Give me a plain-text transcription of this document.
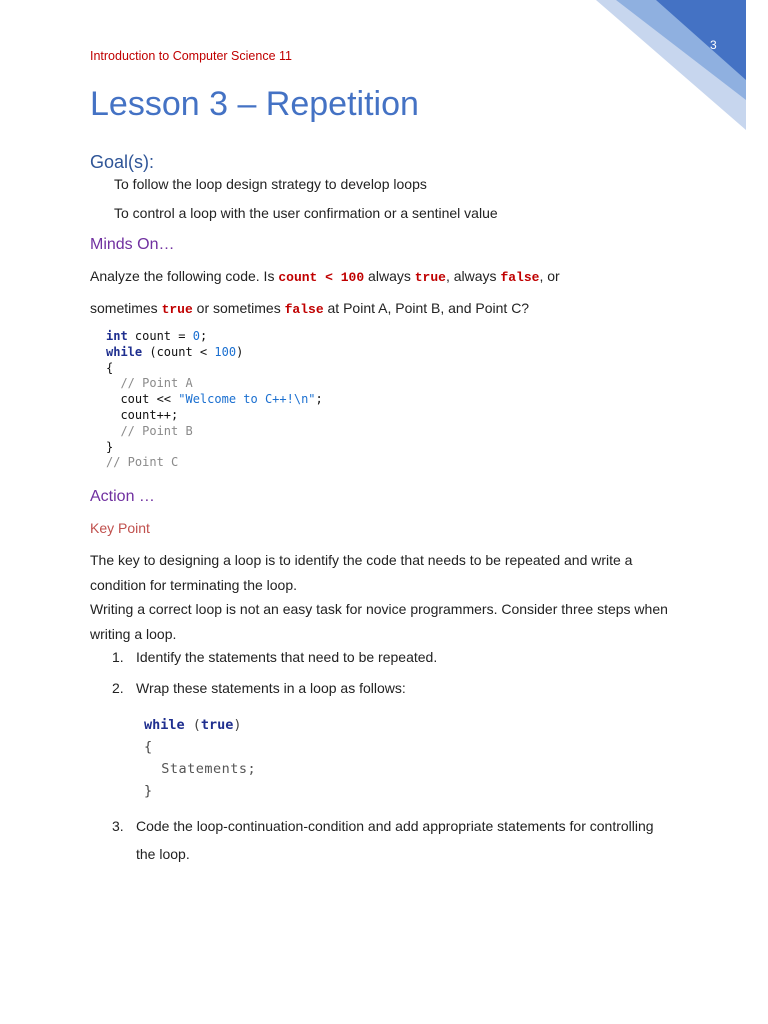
3
Introduction to Computer Science 11
Lesson 3 – Repetition
Goal(s):
To follow the loop design strategy to develop loops
To control a loop with the user confirmation or a sentinel value
Minds On…
Analyze the following code. Is count < 100 always true, always false, or
sometimes true or sometimes false at Point A, Point B, and Point C?
int count = 0;
while (count < 100)
{
// Point A
cout << "Welcome to C++!\n";
count++;
// Point B
}
// Point C
Action …
Key Point
The key to designing a loop is to identify the code that needs to be repeated and write a condition for terminating the loop.
Writing a correct loop is not an easy task for novice programmers. Consider three steps when writing a loop.
1. Identify the statements that need to be repeated.
2. Wrap these statements in a loop as follows:
while (true)
{
Statements;
}
3. Code the loop-continuation-condition and add appropriate statements for controlling the loop.
